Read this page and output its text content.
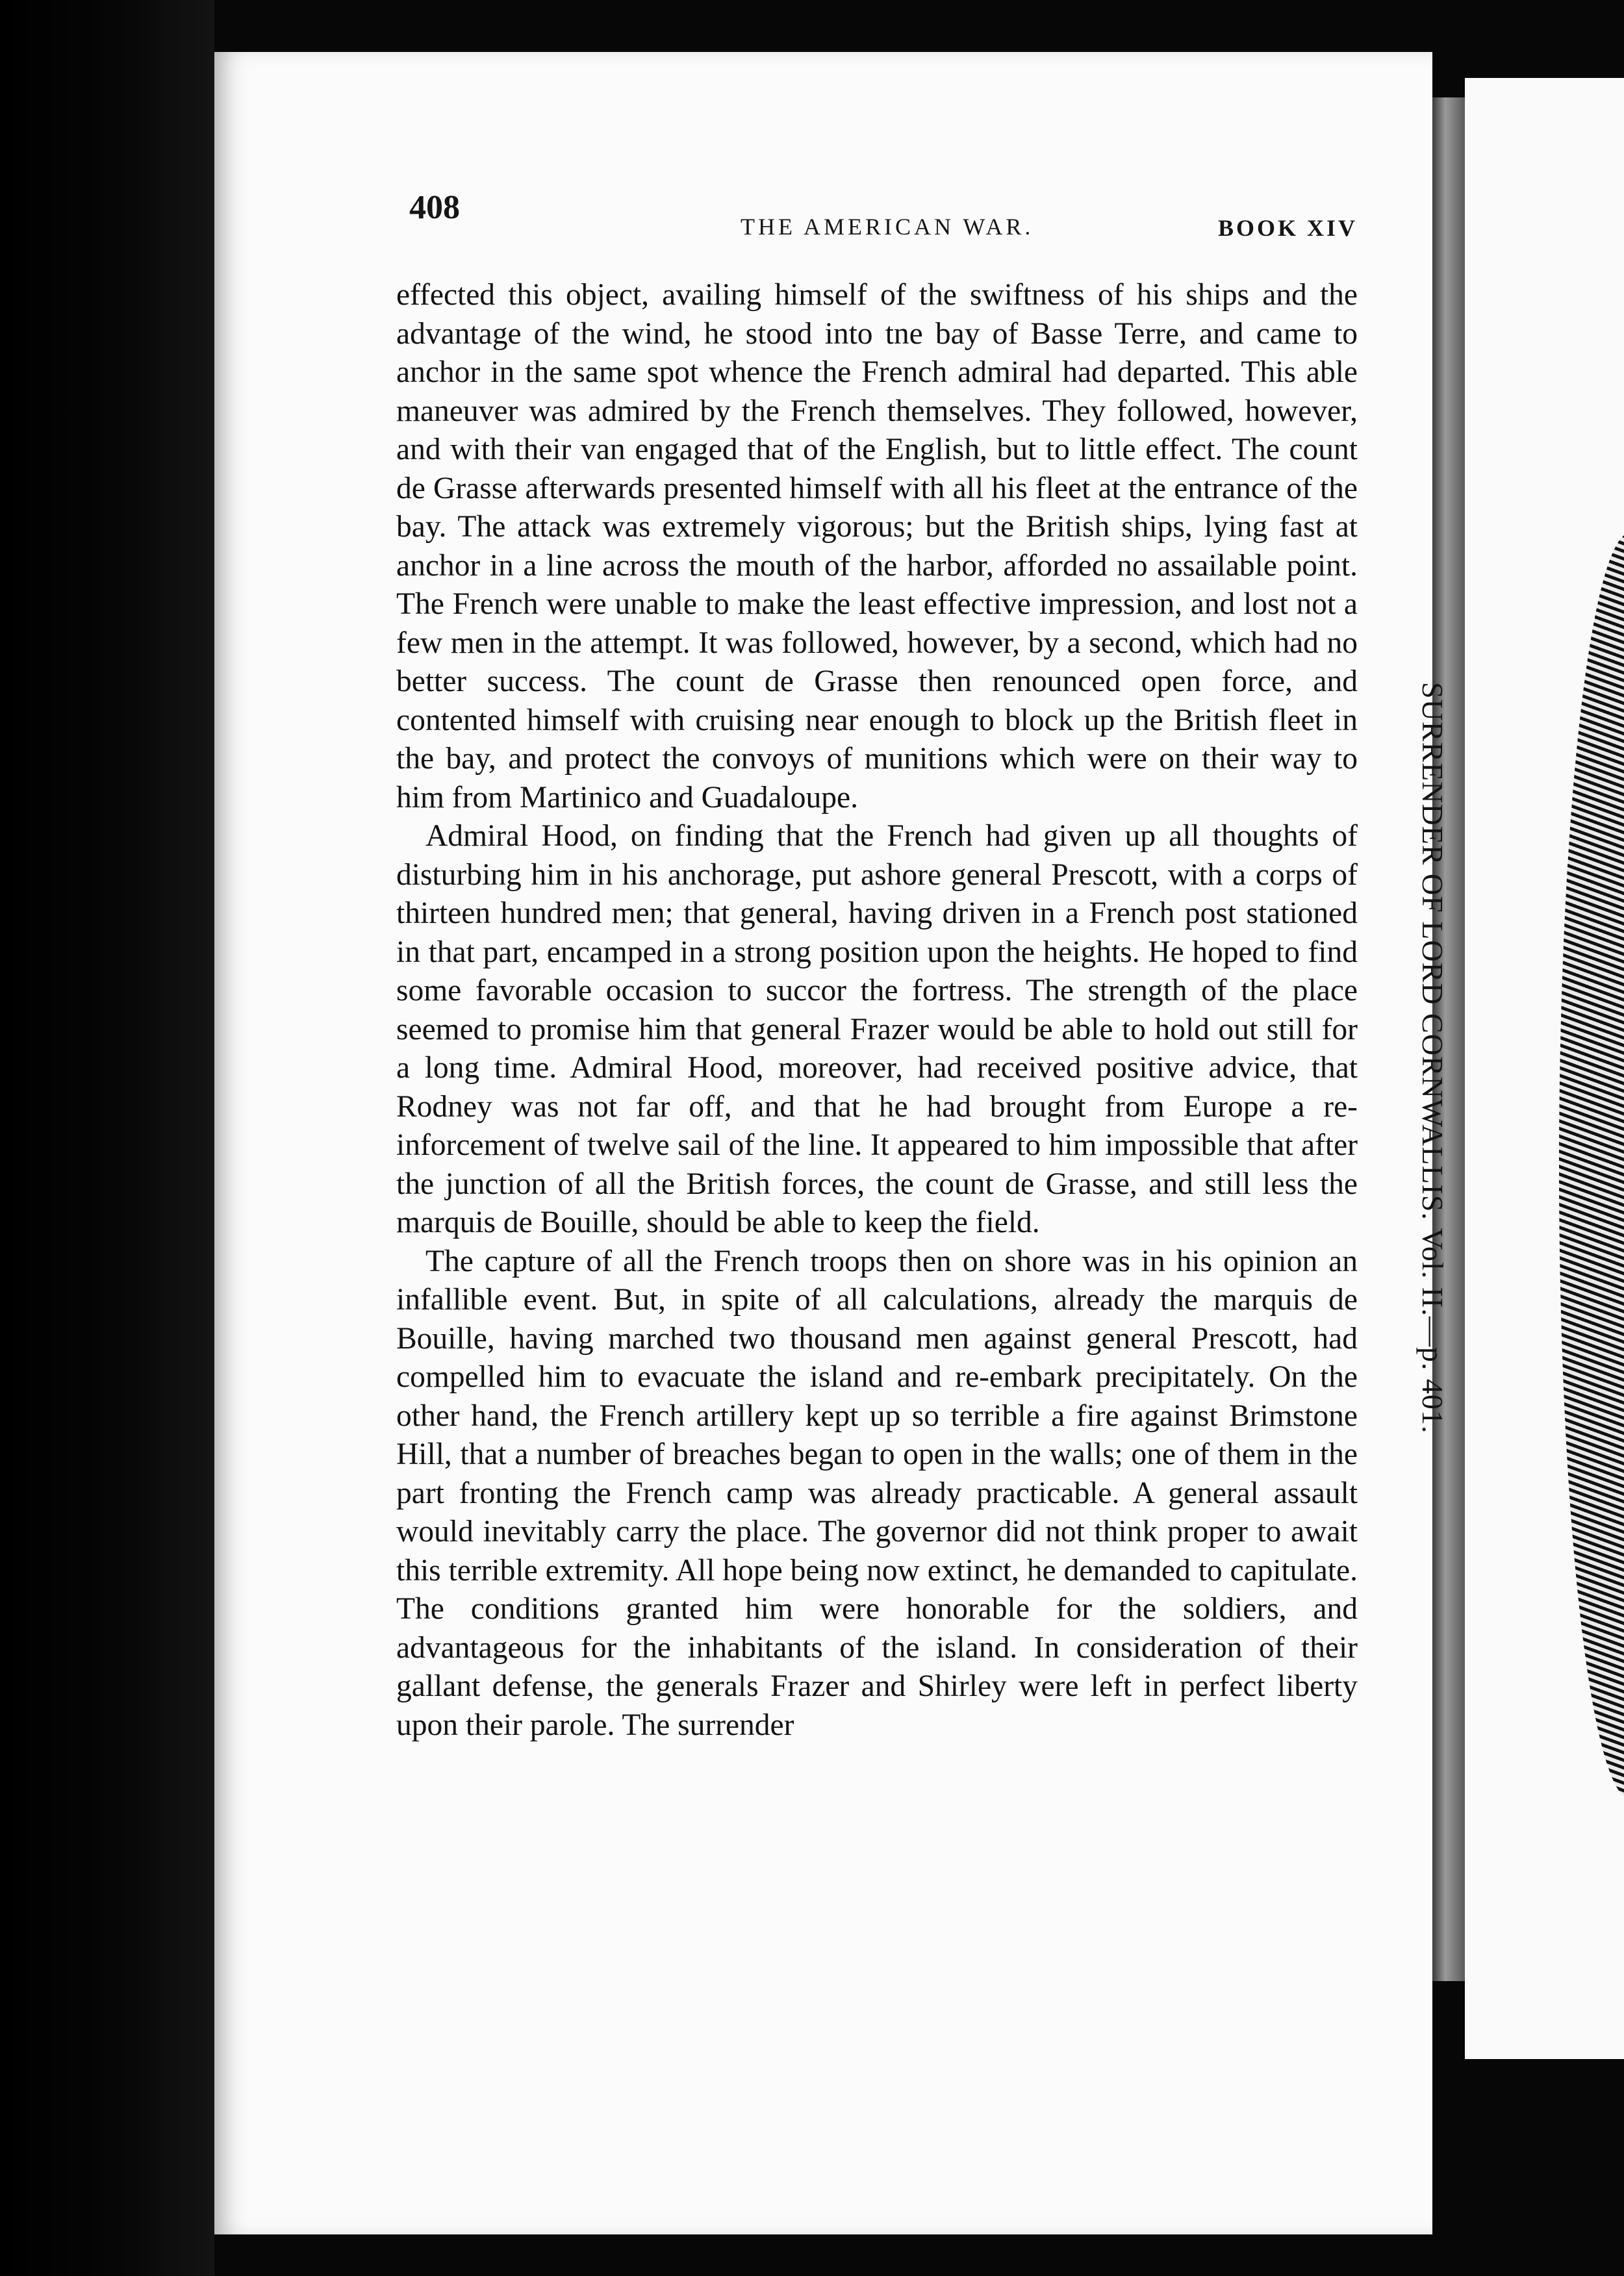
SURRENDER OF LORD CORNWALLIS. Vol. II.—p. 401.
408
THE AMERICAN WAR.	BOOK XIV

effected this object, availing himself of the swiftness of his ships and the advantage of the wind, he stood into tne bay of Basse Terre, and came to anchor in the same spot whence the French admiral had departed. This able maneuver was admired by the French themselves. They followed, however, and with their van engaged that of the English, but to little effect. The count de Grasse afterwards presented himself with all his fleet at the entrance of the bay. The attack was extremely vigorous; but the British ships, lying fast at anchor in a line across the mouth of the harbor, afforded no assailable point. The French were unable to make the least effective impression, and lost not a few men in the attempt. It was followed, however, by a second, which had no better success. The count de Grasse then renounced open force, and contented himself with cruising near enough to block up the British fleet in the bay, and protect the convoys of munitions which were on their way to him from Martinico and Guadaloupe.

Admiral Hood, on finding that the French had given up all thoughts of disturbing him in his anchorage, put ashore general Prescott, with a corps of thirteen hundred men; that general, having driven in a French post stationed in that part, encamped in a strong position upon the heights. He hoped to find some favorable occasion to succor the fortress. The strength of the place seemed to promise him that general Frazer would be able to hold out still for a long time. Admiral Hood, moreover, had received positive advice, that Rodney was not far off, and that he had brought from Europe a re-inforcement of twelve sail of the line. It appeared to him impossible that after the junction of all the British forces, the count de Grasse, and still less the marquis de Bouille, should be able to keep the field.

The capture of all the French troops then on shore was in his opinion an infallible event. But, in spite of all calculations, already the marquis de Bouille, having marched two thousand men against general Prescott, had compelled him to evacuate the island and re-embark precipitately. On the other hand, the French artillery kept up so terrible a fire against Brimstone Hill, that a number of breaches began to open in the walls; one of them in the part fronting the French camp was already practicable. A general assault would inevitably carry the place. The governor did not think proper to await this terrible extremity. All hope being now extinct, he demanded to capitulate. The conditions granted him were honorable for the soldiers, and advantageous for the inhabitants of the island. In consideration of their gallant defense, the generals Frazer and Shirley were left in perfect liberty upon their parole. The surrender
